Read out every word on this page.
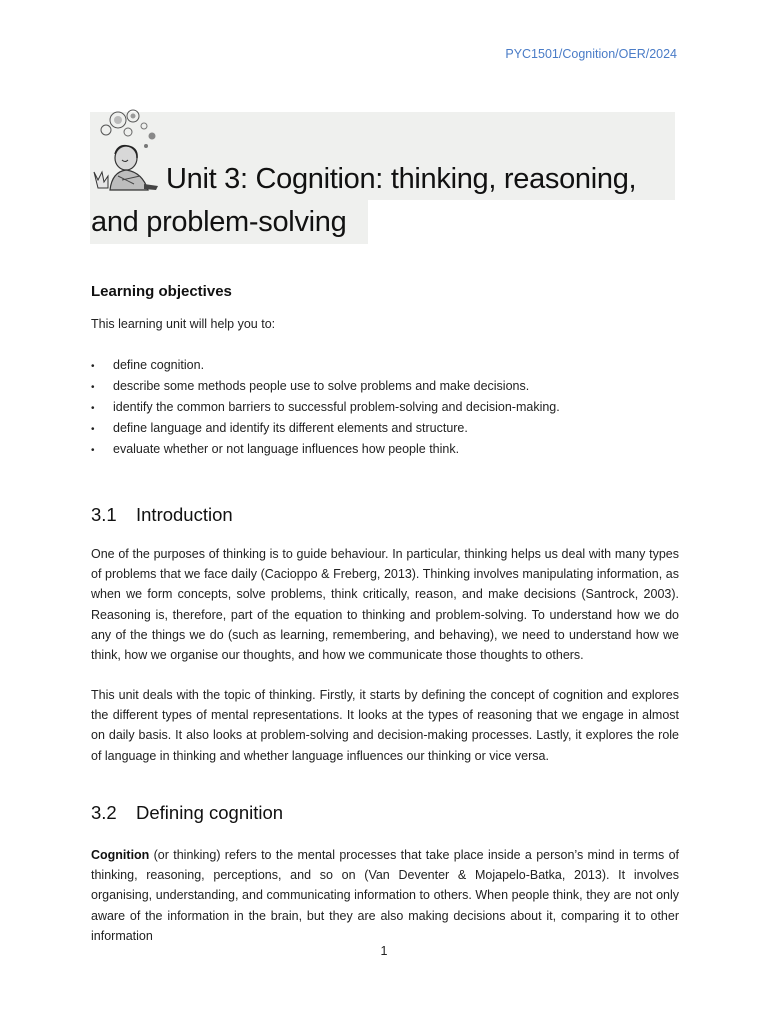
PYC1501/Cognition/OER/2024
Unit 3: Cognition: thinking, reasoning,
and problem-solving
Learning objectives
This learning unit will help you to:
• define cognition.
• describe some methods people use to solve problems and make decisions.
• identify the common barriers to successful problem-solving and decision-making.
• define language and identify its different elements and structure.
• evaluate whether or not language influences how people think.
3.1 Introduction

One of the purposes of thinking is to guide behaviour. In particular, thinking helps us deal with many types of problems that we face daily (Cacioppo & Freberg, 2013). Thinking involves manipulating information, as when we form concepts, solve problems, think critically, reason, and make decisions (Santrock, 2003). Reasoning is, therefore, part of the equation to thinking and problem-solving. To understand how we do any of the things we do (such as learning, remembering, and behaving), we need to understand how we think, how we organise our thoughts, and how we communicate those thoughts to others.

This unit deals with the topic of thinking. Firstly, it starts by defining the concept of cognition and explores the different types of mental representations. It looks at the types of reasoning that we engage in almost on daily basis. It also looks at problem-solving and decision-making processes. Lastly, it explores the role of language in thinking and whether language influences our thinking or vice versa.

3.2 Defining cognition

Cognition (or thinking) refers to the mental processes that take place inside a person’s mind in terms of thinking, reasoning, perceptions, and so on (Van Deventer & Mojapelo-Batka, 2013). It involves organising, understanding, and communicating information to others. When people think, they are not only aware of the information in the brain, but they are also making decisions about it, comparing it to other information

1
